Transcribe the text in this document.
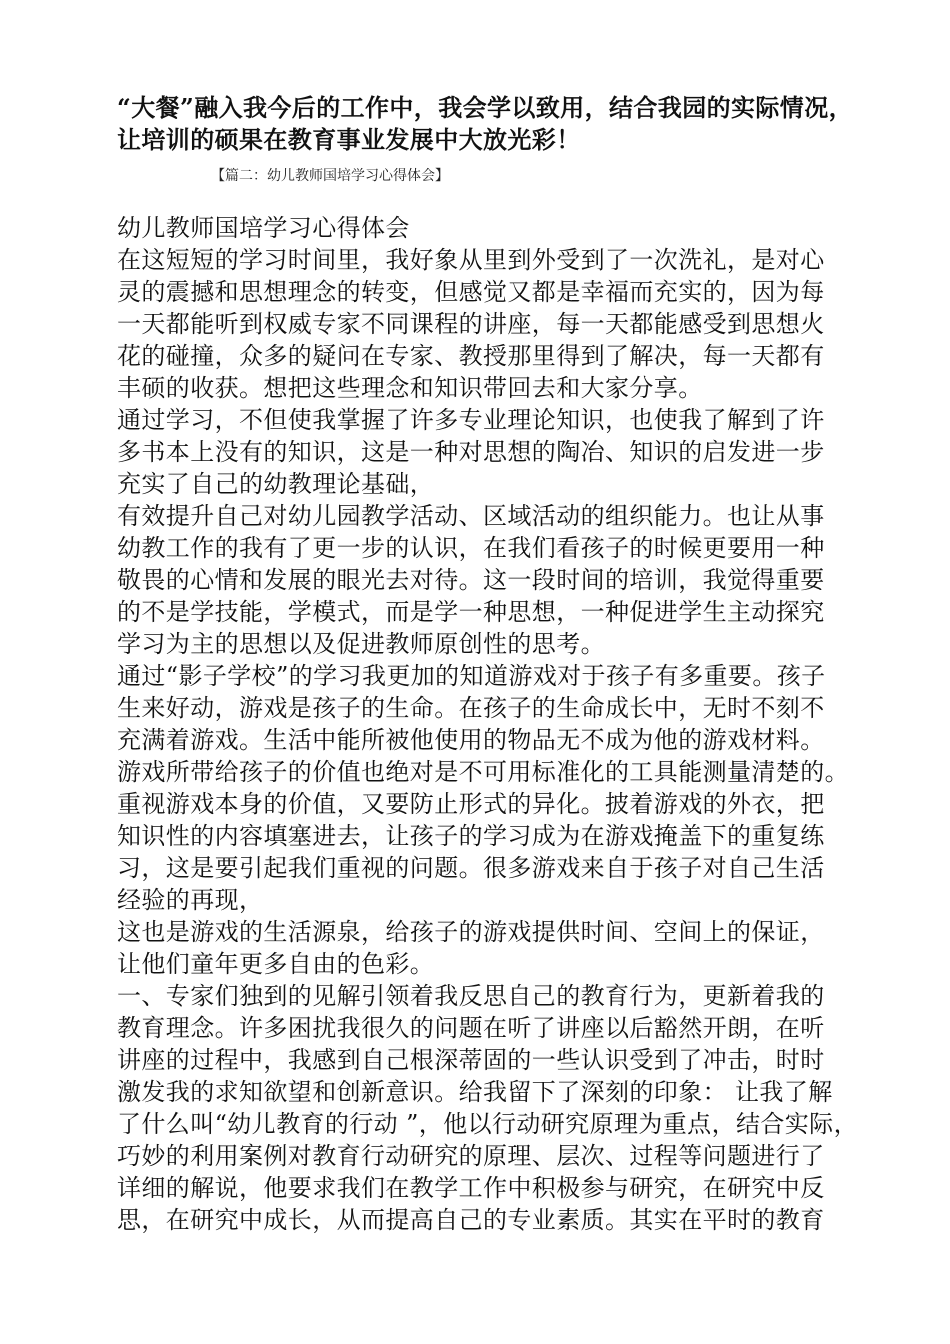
“大餐”融入我今后的工作中，我会学以致用，结合我园的实际情况，
让培训的硕果在教育事业发展中大放光彩！
【篇二：幼儿教师国培学习心得体会】
幼儿教师国培学习心得体会
在这短短的学习时间里，我好象从里到外受到了一次洗礼，是对心
灵的震撼和思想理念的转变，但感觉又都是幸福而充实的，因为每
一天都能听到权威专家不同课程的讲座，每一天都能感受到思想火
花的碰撞，众多的疑问在专家、教授那里得到了解决，每一天都有
丰硕的收获。想把这些理念和知识带回去和大家分享。
通过学习，不但使我掌握了许多专业理论知识，也使我了解到了许
多书本上没有的知识，这是一种对思想的陶冶、知识的启发进一步
充实了自己的幼教理论基础，
有效提升自己对幼儿园教学活动、区域活动的组织能力。也让从事
幼教工作的我有了更一步的认识，在我们看孩子的时候更要用一种
敬畏的心情和发展的眼光去对待。这一段时间的培训，我觉得重要
的不是学技能，学模式，而是学一种思想，一种促进学生主动探究
学习为主的思想以及促进教师原创性的思考。
通过“影子学校”的学习我更加的知道游戏对于孩子有多重要。孩子
生来好动，游戏是孩子的生命。在孩子的生命成长中，无时不刻不
充满着游戏。生活中能所被他使用的物品无不成为他的游戏材料。
游戏所带给孩子的价值也绝对是不可用标准化的工具能测量清楚的。
重视游戏本身的价值，又要防止形式的异化。披着游戏的外衣，把
知识性的内容填塞进去，让孩子的学习成为在游戏掩盖下的重复练
习，这是要引起我们重视的问题。很多游戏来自于孩子对自己生活
经验的再现，
这也是游戏的生活源泉，给孩子的游戏提供时间、空间上的保证，
让他们童年更多自由的色彩。
一、专家们独到的见解引领着我反思自己的教育行为，更新着我的
教育理念。许多困扰我很久的问题在听了讲座以后豁然开朗，在听
讲座的过程中，我感到自己根深蒂固的一些认识受到了冲击，时时
激发我的求知欲望和创新意识。给我留下了深刻的印象： 让我了解
了什么叫“幼儿教育的行动 ”，他以行动研究原理为重点，结合实际，
巧妙的利用案例对教育行动研究的原理、层次、过程等问题进行了
详细的解说，他要求我们在教学工作中积极参与研究，在研究中反
思，在研究中成长，从而提高自己的专业素质。其实在平时的教育
